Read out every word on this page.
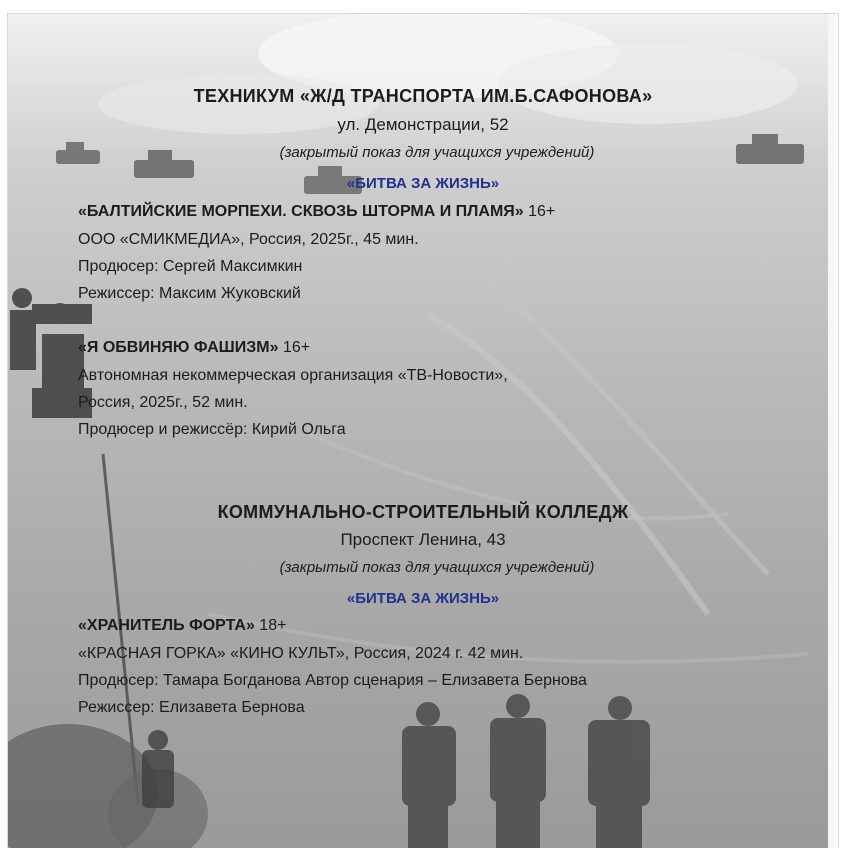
ТЕХНИКУМ «Ж/Д ТРАНСПОРТА ИМ.Б.САФОНОВА»
ул. Демонстрации, 52
(закрытый показ для учащихся учреждений)
«БИТВА ЗА ЖИЗНЬ»
«БАЛТИЙСКИЕ МОРПЕХИ. СКВОЗЬ ШТОРМА И ПЛАМЯ» 16+
ООО «СМИКМЕДИА», Россия, 2025г., 45 мин.
Продюсер: Сергей Максимкин
Режиссер: Максим Жуковский
«Я ОБВИНЯЮ ФАШИЗМ» 16+
Автономная некоммерческая организация «ТВ-Новости»,
Россия, 2025г., 52 мин.
Продюсер и режиссёр: Кирий Ольга
КОММУНАЛЬНО-СТРОИТЕЛЬНЫЙ КОЛЛЕДЖ
Проспект Ленина, 43
(закрытый показ для учащихся учреждений)
«БИТВА ЗА ЖИЗНЬ»
«ХРАНИТЕЛЬ ФОРТА» 18+
«КРАСНАЯ ГОРКА» «КИНО КУЛЬТ», Россия, 2024 г. 42 мин.
Продюсер: Тамара Богданова Автор сценария – Елизавета Бернова
Режиссер: Елизавета Бернова
